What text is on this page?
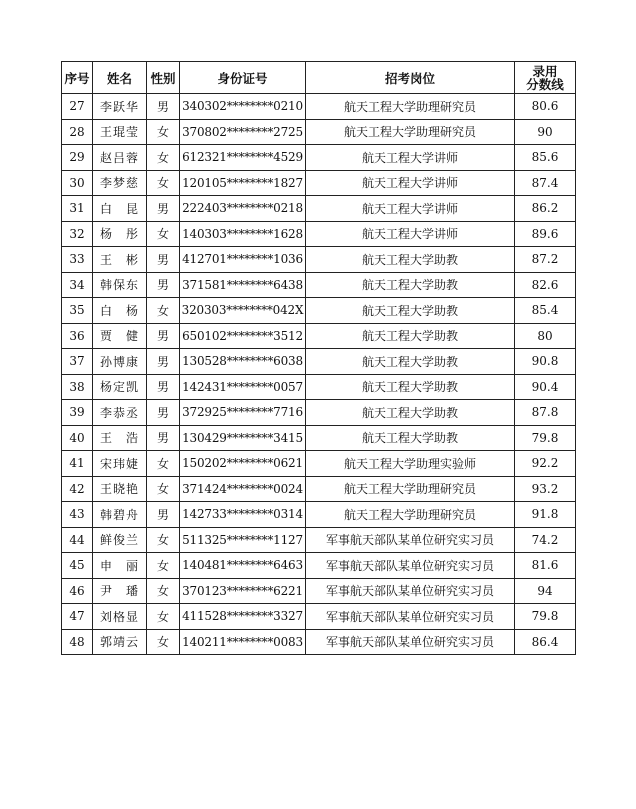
序号	姓名	性别	身份证号	招考岗位	录用
分数线

27	李跃华	男	340302********0210	航天工程大学助理研究员	80.6
28	王琨莹	女	370802********2725	航天工程大学助理研究员	90
29	赵吕蓉	女	612321********4529	航天工程大学讲师	85.6
30	李梦慈	女	120105********1827	航天工程大学讲师	87.4
31	白　昆	男	222403********0218	航天工程大学讲师	86.2
32	杨　彤	女	140303********1628	航天工程大学讲师	89.6
33	王　彬	男	412701********1036	航天工程大学助教	87.2
34	韩保东	男	371581********6438	航天工程大学助教	82.6
35	白　杨	女	320303********042X	航天工程大学助教	85.4
36	贾　健	男	650102********3512	航天工程大学助教	80
37	孙博康	男	130528********6038	航天工程大学助教	90.8
38	杨定凯	男	142431********0057	航天工程大学助教	90.4
39	李恭丞	男	372925********7716	航天工程大学助教	87.8
40	王　浩	男	130429********3415	航天工程大学助教	79.8
41	宋玮婕	女	150202********0621	航天工程大学助理实验师	92.2
42	王晓艳	女	371424********0024	航天工程大学助理研究员	93.2
43	韩碧舟	男	142733********0314	航天工程大学助理研究员	91.8
44	鲜俊兰	女	511325********1127	军事航天部队某单位研究实习员	74.2
45	申　丽	女	140481********6463	军事航天部队某单位研究实习员	81.6
46	尹　璠	女	370123********6221	军事航天部队某单位研究实习员	94
47	刘格显	女	411528********3327	军事航天部队某单位研究实习员	79.8
48	郭靖云	女	140211********0083	军事航天部队某单位研究实习员	86.4
